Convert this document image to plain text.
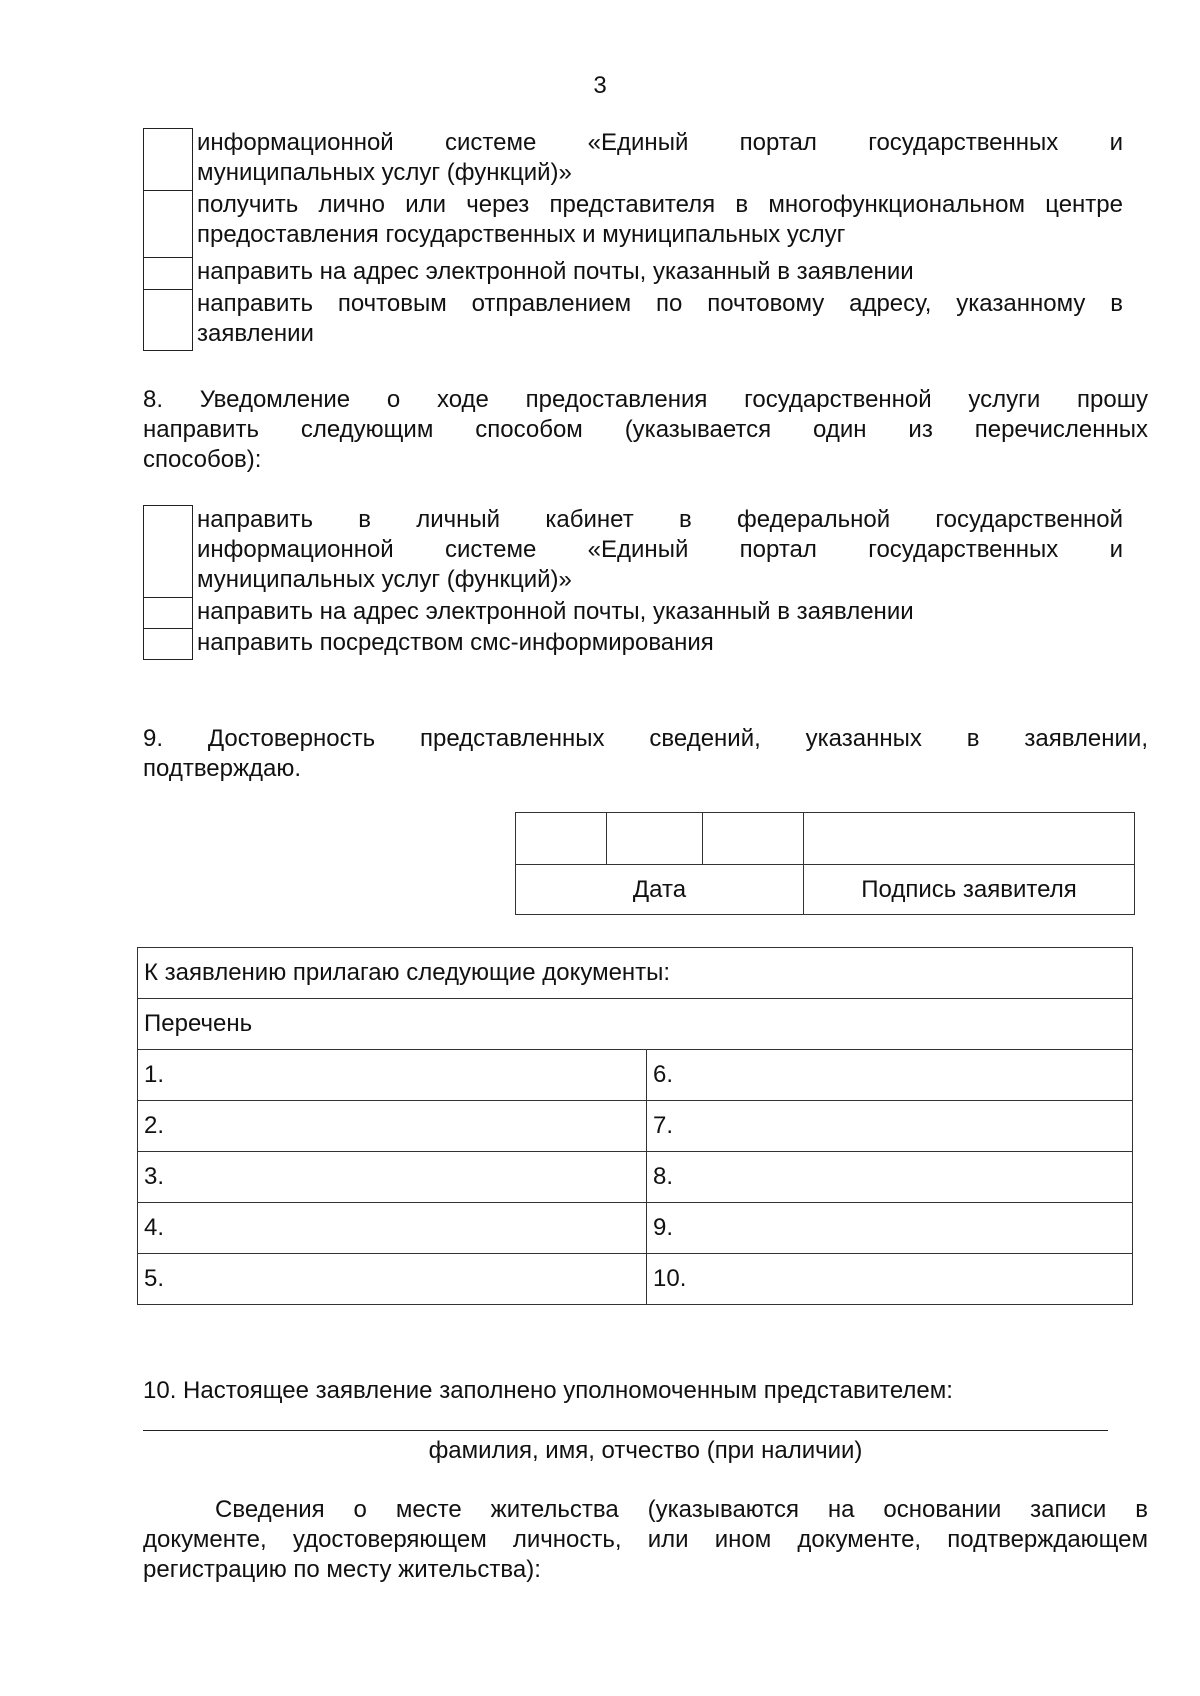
3
информационной системе «Единый портал государственных и
муниципальных услуг (функций)»
получить лично или через представителя в многофункциональном центре
предоставления государственных и муниципальных услуг
направить на адрес электронной почты, указанный в заявлении
направить почтовым отправлением по почтовому адресу, указанному в
заявлении
8. Уведомление о ходе предоставления государственной услуги прошу
направить следующим способом (указывается один из перечисленных
способов):
направить в личный кабинет в федеральной государственной
информационной системе «Единый портал государственных и
муниципальных услуг (функций)»
направить на адрес электронной почты, указанный в заявлении
направить посредством смс-информирования
9. Достоверность представленных сведений, указанных в заявлении,
подтверждаю.

Дата			Подпись заявителя
К заявлению прилагаю следующие документы:	
Перечень	
1.	6.
2.	7.
3.	8.
4.	9.
5.	10.
10. Настоящее заявление заполнено уполномоченным представителем:
фамилия, имя, отчество (при наличии)
Сведения о месте жительства (указываются на основании записи в
документе, удостоверяющем личность, или ином документе, подтверждающем
регистрацию по месту жительства):
